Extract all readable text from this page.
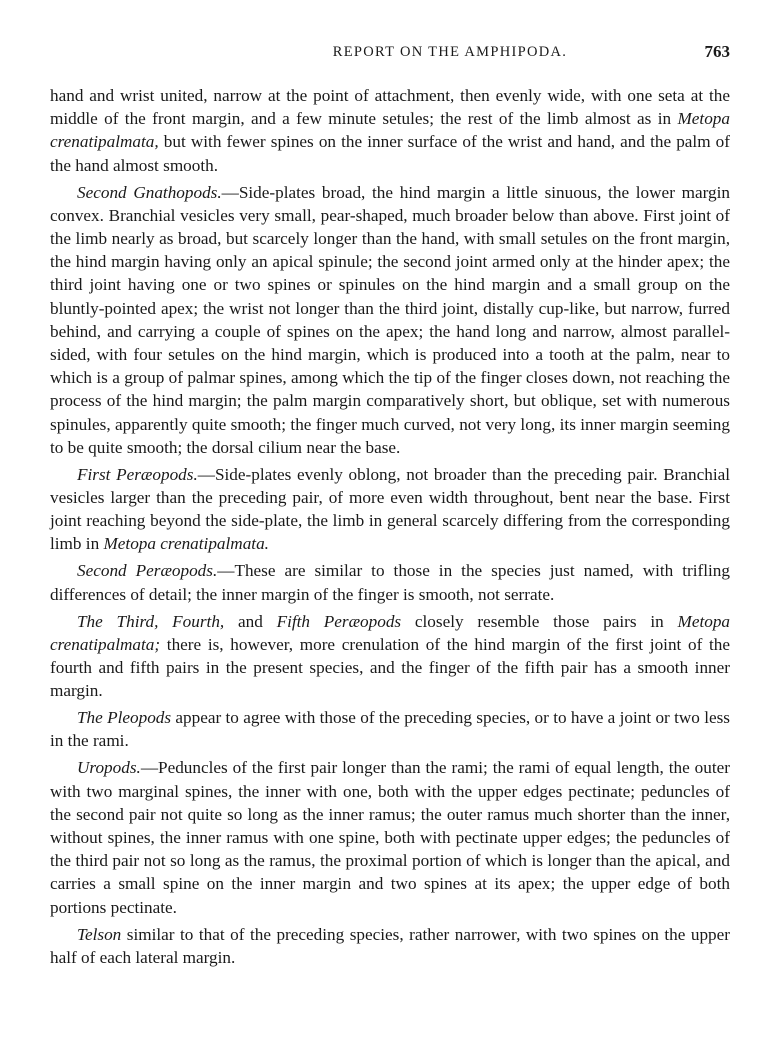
REPORT ON THE AMPHIPODA.	763

hand and wrist united, narrow at the point of attachment, then evenly wide, with one seta at the middle of the front margin, and a few minute setules; the rest of the limb almost as in Metopa crenatipalmata, but with fewer spines on the inner surface of the wrist and hand, and the palm of the hand almost smooth.

Second Gnathopods.—Side-plates broad, the hind margin a little sinuous, the lower margin convex. Branchial vesicles very small, pear-shaped, much broader below than above. First joint of the limb nearly as broad, but scarcely longer than the hand, with small setules on the front margin, the hind margin having only an apical spinule; the second joint armed only at the hinder apex; the third joint having one or two spines or spinules on the hind margin and a small group on the bluntly-pointed apex; the wrist not longer than the third joint, distally cup-like, but narrow, furred behind, and carrying a couple of spines on the apex; the hand long and narrow, almost parallel-sided, with four setules on the hind margin, which is produced into a tooth at the palm, near to which is a group of palmar spines, among which the tip of the finger closes down, not reaching the process of the hind margin; the palm margin comparatively short, but oblique, set with numerous spinules, apparently quite smooth; the finger much curved, not very long, its inner margin seeming to be quite smooth; the dorsal cilium near the base.

First Peræopods.—Side-plates evenly oblong, not broader than the preceding pair. Branchial vesicles larger than the preceding pair, of more even width throughout, bent near the base. First joint reaching beyond the side-plate, the limb in general scarcely differing from the corresponding limb in Metopa crenatipalmata.

Second Peræopods.—These are similar to those in the species just named, with trifling differences of detail; the inner margin of the finger is smooth, not serrate.

The Third, Fourth, and Fifth Peræopods closely resemble those pairs in Metopa crenatipalmata; there is, however, more crenulation of the hind margin of the first joint of the fourth and fifth pairs in the present species, and the finger of the fifth pair has a smooth inner margin.

The Pleopods appear to agree with those of the preceding species, or to have a joint or two less in the rami.

Uropods.—Peduncles of the first pair longer than the rami; the rami of equal length, the outer with two marginal spines, the inner with one, both with the upper edges pectinate; peduncles of the second pair not quite so long as the inner ramus; the outer ramus much shorter than the inner, without spines, the inner ramus with one spine, both with pectinate upper edges; the peduncles of the third pair not so long as the ramus, the proximal portion of which is longer than the apical, and carries a small spine on the inner margin and two spines at its apex; the upper edge of both portions pectinate.

Telson similar to that of the preceding species, rather narrower, with two spines on the upper half of each lateral margin.
